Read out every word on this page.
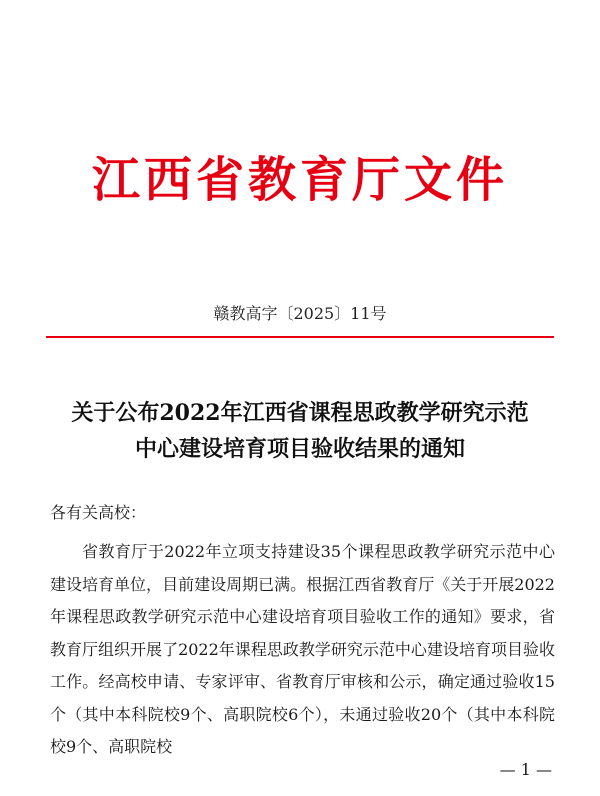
江西省教育厅文件
赣教高字〔2025〕11号
关于公布2022年江西省课程思政教学研究示范
中心建设培育项目验收结果的通知
各有关高校：

省教育厅于2022年立项支持建设35个课程思政教学研究示范中心建设培育单位，目前建设周期已满。根据江西省教育厅《关于开展2022年课程思政教学研究示范中心建设培育项目验收工作的通知》要求，省教育厅组织开展了2022年课程思政教学研究示范中心建设培育项目验收工作。经高校申请、专家评审、省教育厅审核和公示，确定通过验收15个（其中本科院校9个、高职院校6个），未通过验收20个（其中本科院校9个、高职院校

— 1 —
